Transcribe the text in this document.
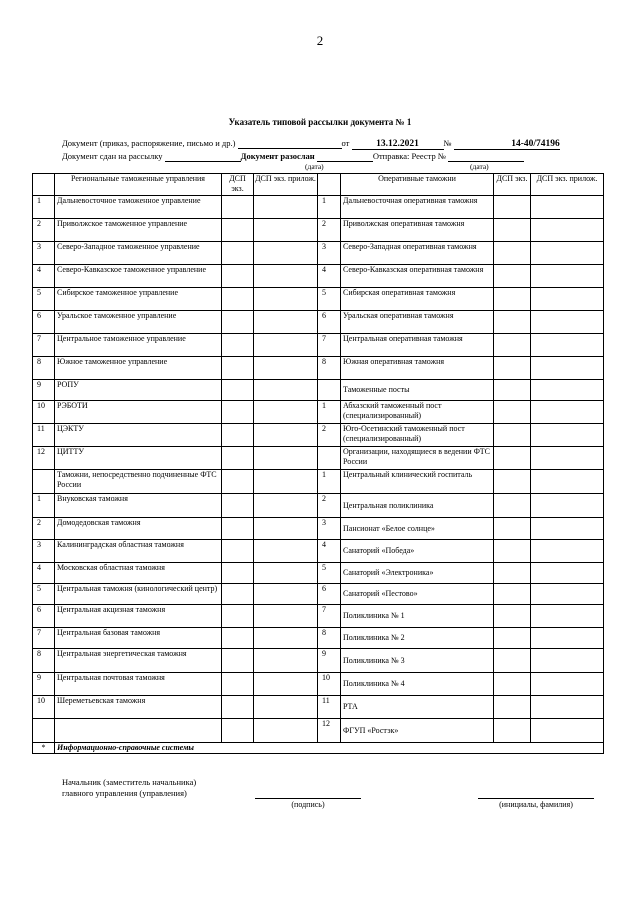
2
Указатель типовой рассылки документа № 1
Документ (приказ, распоряжение, письмо и др.)	от	13.12.2021	№	14-40/74196
Документ сдан на рассылку	Документ разослан	Отправка: Реестр №
(дата)	(дата)
	Региональные таможенные управления	ДСП экз.	ДСП экз. прилож.		Оперативные таможни	ДСП экз.	ДСП экз. прилож.
1	Дальневосточное таможенное управление			1	Дальневосточная оперативная таможня		
2	Приволжское таможенное управление			2	Приволжская оперативная таможня		
3	Северо-Западное таможенное управление			3	Северо-Западная оперативная таможня		
4	Северо-Кавказское таможенное управление			4	Северо-Кавказская оперативная таможня		
5	Сибирское таможенное управление			5	Сибирская оперативная таможня		
6	Уральское таможенное управление			6	Уральская оперативная таможня		
7	Центральное таможенное управление			7	Центральная оперативная таможня		
8	Южное таможенное управление			8	Южная оперативная таможня		
9	РОПУ				Таможенные посты		
10	РЭБОТИ			1	Абхазский таможенный пост (специализированный)		
11	ЦЭКТУ			2	Юго-Осетинский таможенный пост (специализированный)		
12	ЦИТТУ				Организации, находящиеся в ведении ФТС России		
	Таможни, непосредственно подчиненные ФТС России			1	Центральный клинический госпиталь		
1	Внуковская таможня			2	Центральная поликлиника		
2	Домодедовская таможня			3	Пансионат «Белое солнце»		
3	Калининградская областная таможня			4	Санаторий «Победа»		
4	Московская областная таможня			5	Санаторий «Электроника»		
5	Центральная таможня (кинологический центр)			6	Санаторий «Пестово»		
6	Центральная акцизная таможня			7	Поликлиника № 1		
7	Центральная базовая таможня			8	Поликлиника № 2		
8	Центральная энергетическая таможня			9	Поликлиника № 3		
9	Центральная почтовая таможня			10	Поликлиника № 4		
10	Шереметьевская таможня			11	РТА		
				12	ФГУП «Ростэк»		
*	Информационно-справочные системы						
Начальник (заместитель начальника)
главного управления (управления)
(подпись)	(инициалы, фамилия)
